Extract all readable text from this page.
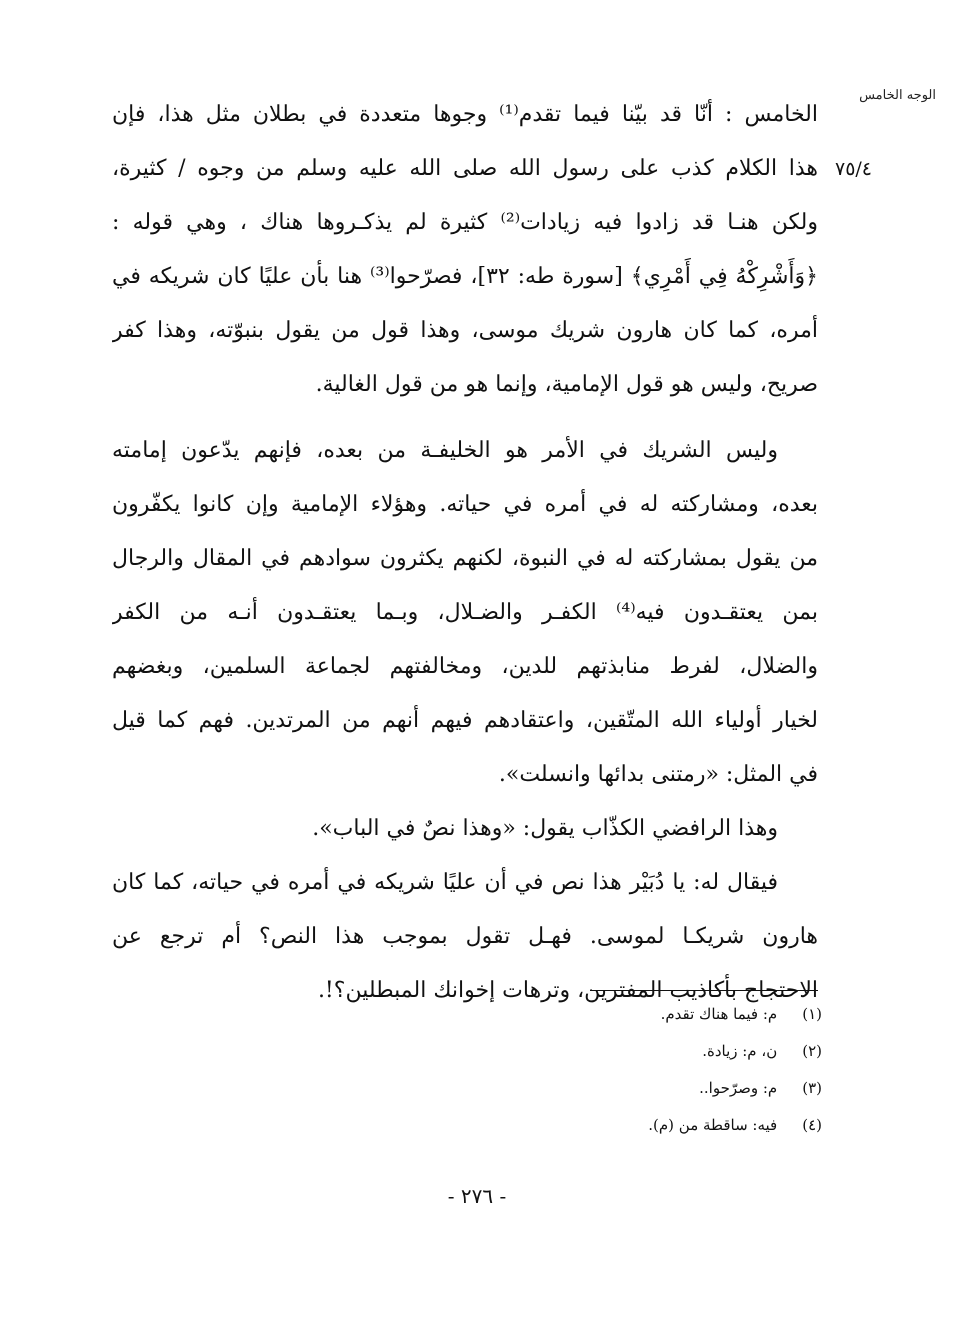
الوجه الخامس
٧٥/٤
الخامس : أنّا قد بيّنا فيما تقدم⁽¹⁾ وجوها متعددة في بطلان مثل هذا، فإن
هذا الكلام كذب على رسول الله صلى الله عليه وسلم من وجوه / كثيرة،
ولكن هنـا قد زادوا فيه زيادات⁽²⁾ كثيرة لم يذكـروها هناك ، وهي قوله :
﴿وَأَشْرِكْهُ فِي أَمْرِي﴾ [سورة طه: ٣٢]، فصرّحوا⁽³⁾ هنا بأن عليًا كان شريكه في
أمره، كما كان هارون شريك موسى، وهذا قول من يقول بنبوّته، وهذا كفر
صريح، وليس هو قول الإمامية، وإنما هو من قول الغالية.
وليس الشريك في الأمر هو الخليفـة من بعده، فإنهم يدّعون إمامته
بعده، ومشاركته له في أمره في حياته. وهؤلاء الإمامية وإن كانوا يكفّرون
من يقول بمشاركته له في النبوة، لكنهم يكثرون سوادهم في المقال والرجال
بمن يعتقـدون فيه⁽⁴⁾ الكفـر والضـلال، وبـما يعتقـدون أنـه من الكفر
والضلال، لفرط منابذتهم للدين، ومخالفتهم لجماعة السلمين، وبغضهم
لخيار أولياء الله المتّقين، واعتقادهم فيهم أنهم من المرتدين. فهم كما قيل
في المثل: «رمتنى بدائها وانسلت».
وهذا الرافضي الكذّاب يقول: «وهذا نصٌ في الباب».
فيقال له: يا دُبَيْر هذا نص في أن عليًا شريكه في أمره في حياته، كما كان
هارون شريكـا لموسى. فهـل تقول بموجب هذا النص؟ أم ترجع عن
الاحتجاج بأكاذيب المفترين، وترهات إخوانك المبطلين؟!.
(١) م: فيما هناك تقدم.
(٢) ن، م: زيادة.
(٣) م: وصرّحوا..
(٤) فيه: ساقطة من (م).
- ٢٧٦ -
